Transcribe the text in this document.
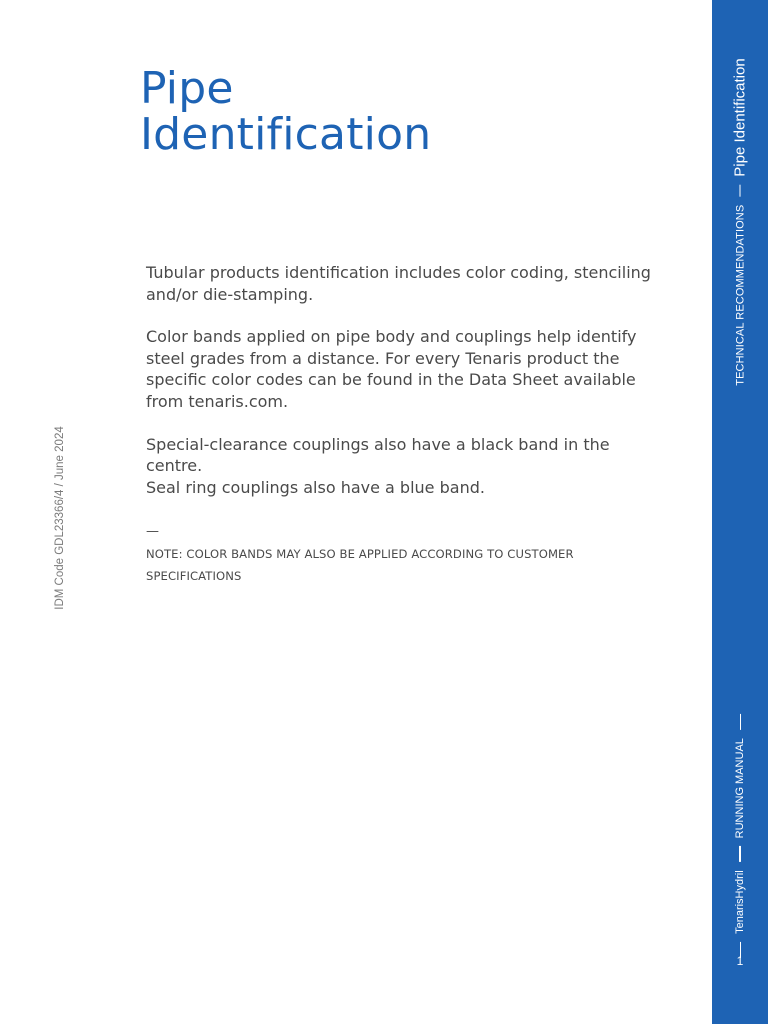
Pipe
Identification

Tubular products identification includes color coding, stenciling and/or die-stamping.

Color bands applied on pipe body and couplings help identify steel grades from a distance. For every Tenaris product the specific color codes can be found in the Data Sheet available from tenaris.com.

Special-clearance couplings also have a black band in the centre.

Seal ring couplings also have a blue band.

—
NOTE: COLOR BANDS MAY ALSO BE APPLIED ACCORDING TO CUSTOMER SPECIFICATIONS
IDM Code GDL23366/4 / June 2024
TECHNICAL RECOMMENDATIONS
Pipe Identification
TenarisHydril
RUNNING MANUAL
1
